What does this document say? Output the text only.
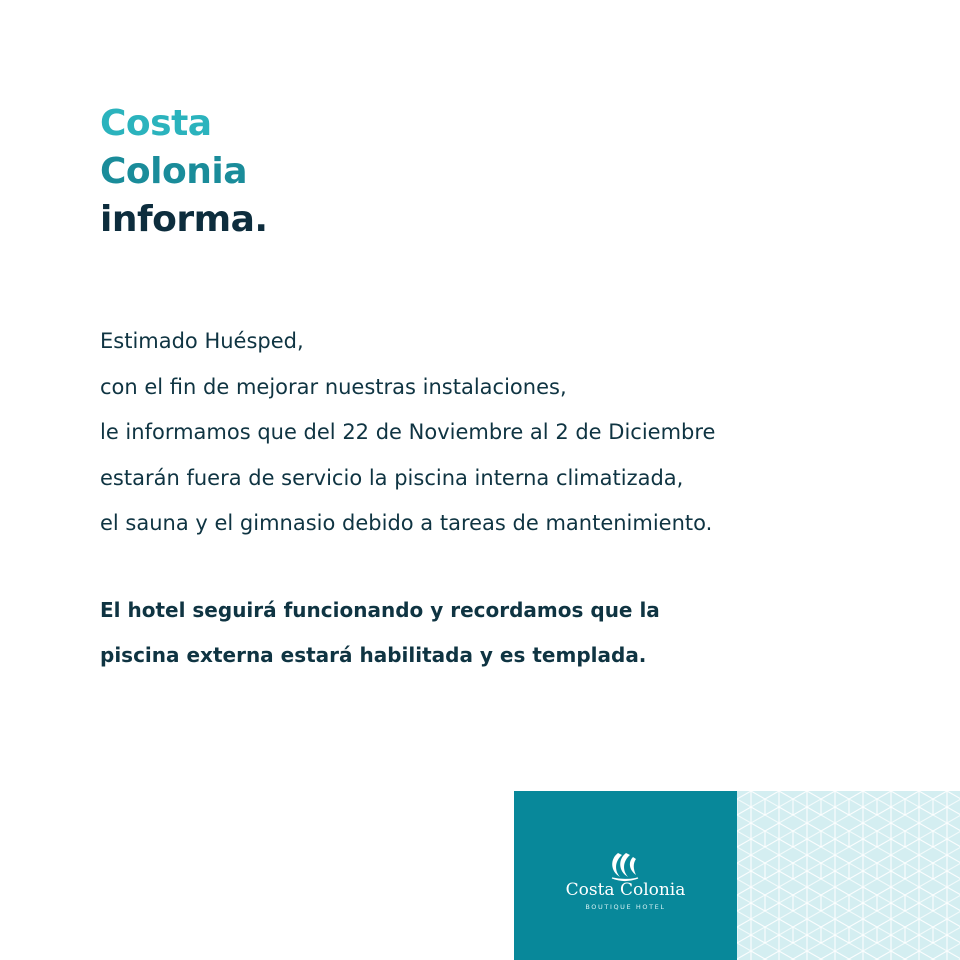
Costa
Colonia
informa.
Estimado Huésped,
con el fin de mejorar nuestras instalaciones,
le informamos que del 22 de Noviembre al 2 de Diciembre
estarán fuera de servicio la piscina interna climatizada,
el sauna y el gimnasio debido a tareas de mantenimiento.
El hotel seguirá funcionando y recordamos que la
piscina externa estará habilitada y es templada.
Costa Colonia
BOUTIQUE HOTEL
